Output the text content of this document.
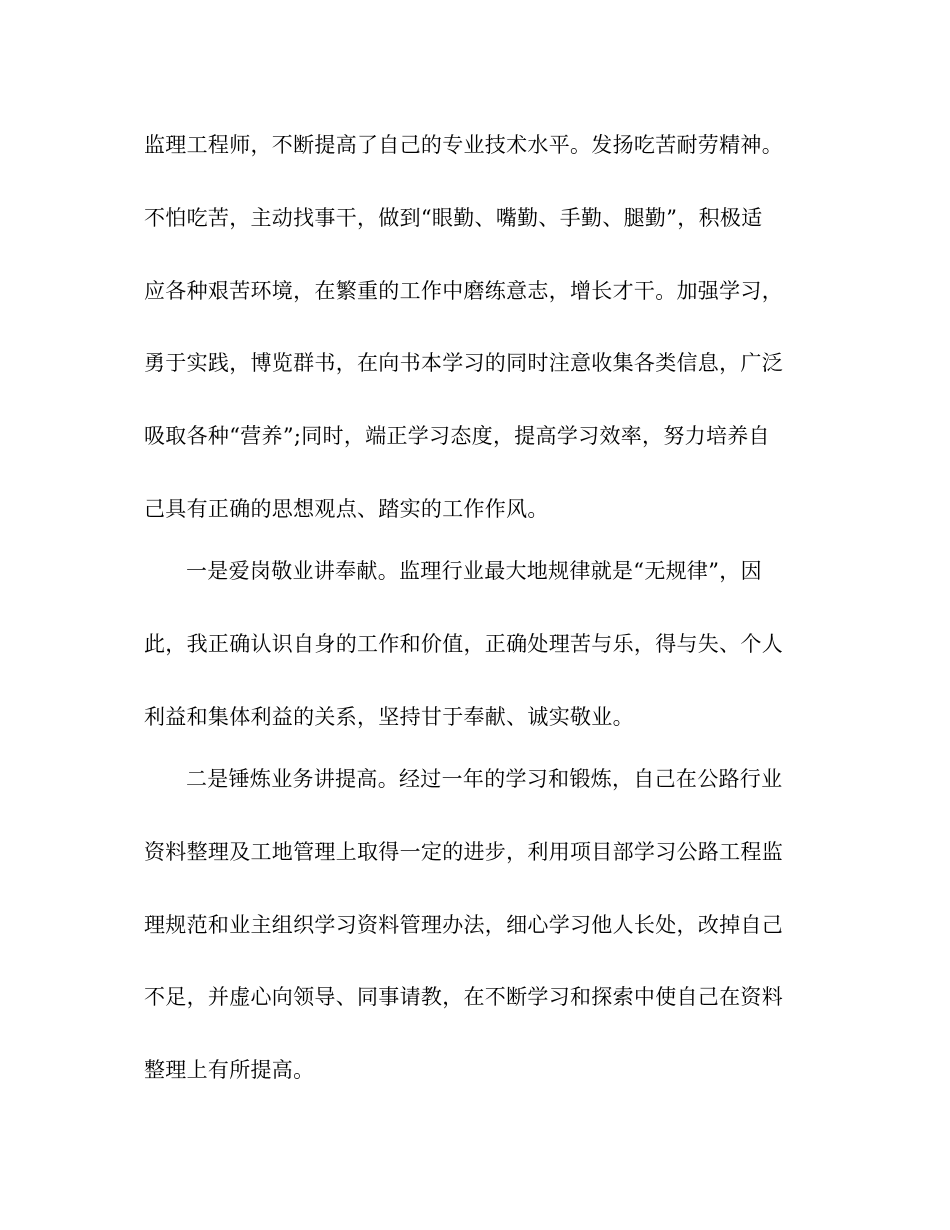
监理工程师，不断提高了自己的专业技术水平。发扬吃苦耐劳精神。
不怕吃苦，主动找事干，做到“眼勤、嘴勤、手勤、腿勤”，积极适
应各种艰苦环境，在繁重的工作中磨练意志，增长才干。加强学习，
勇于实践，博览群书，在向书本学习的同时注意收集各类信息，广泛
吸取各种“营养”;同时，端正学习态度，提高学习效率，努力培养自
己具有正确的思想观点、踏实的工作作风。
一是爱岗敬业讲奉献。监理行业最大地规律就是“无规律”，因
此，我正确认识自身的工作和价值，正确处理苦与乐，得与失、个人
利益和集体利益的关系，坚持甘于奉献、诚实敬业。
二是锤炼业务讲提高。经过一年的学习和锻炼，自己在公路行业
资料整理及工地管理上取得一定的进步，利用项目部学习公路工程监
理规范和业主组织学习资料管理办法，细心学习他人长处，改掉自己
不足，并虚心向领导、同事请教，在不断学习和探索中使自己在资料
整理上有所提高。
